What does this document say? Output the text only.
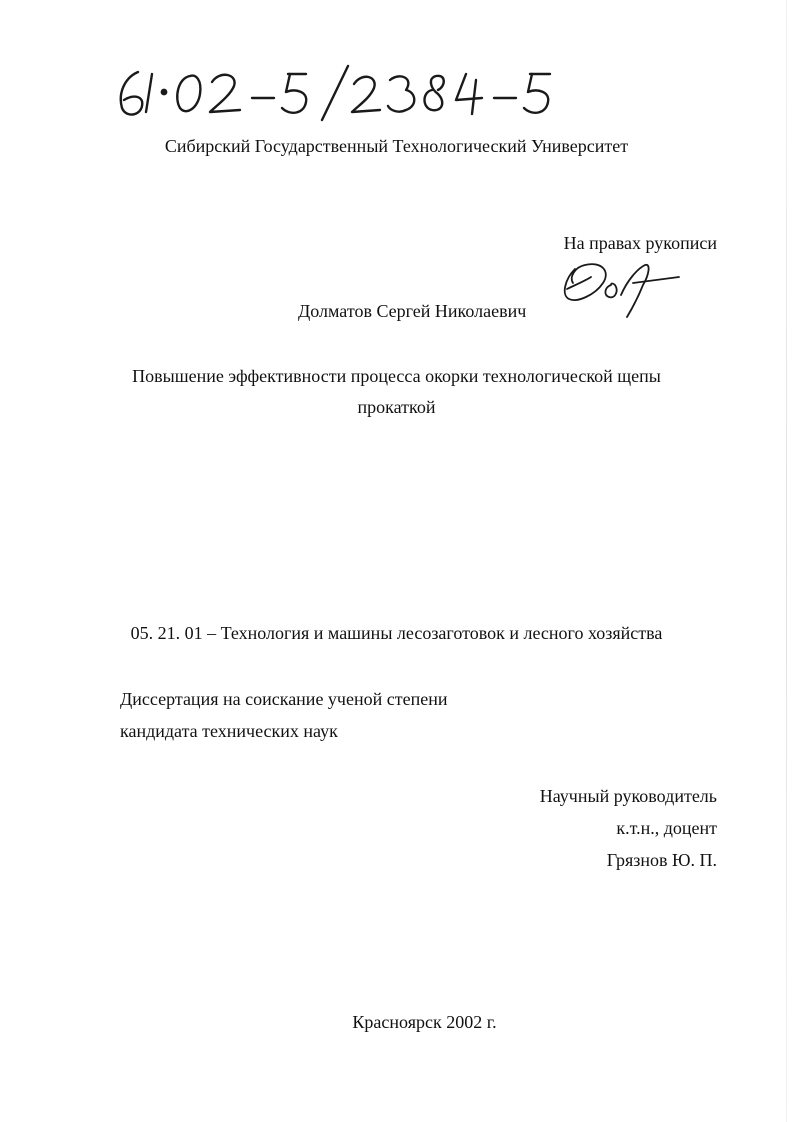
61·02-5/2384-5
Сибирский Государственный Технологический Университет
На правах рукописи
Долматов Сергей Николаевич
Повышение эффективности процесса окорки технологической щепы
прокаткой
05. 21. 01 – Технология и машины лесозаготовок и лесного хозяйства
Диссертация на соискание ученой степени
кандидата технических наук
Научный руководитель
к.т.н., доцент
Грязнов Ю. П.
Красноярск 2002 г.
